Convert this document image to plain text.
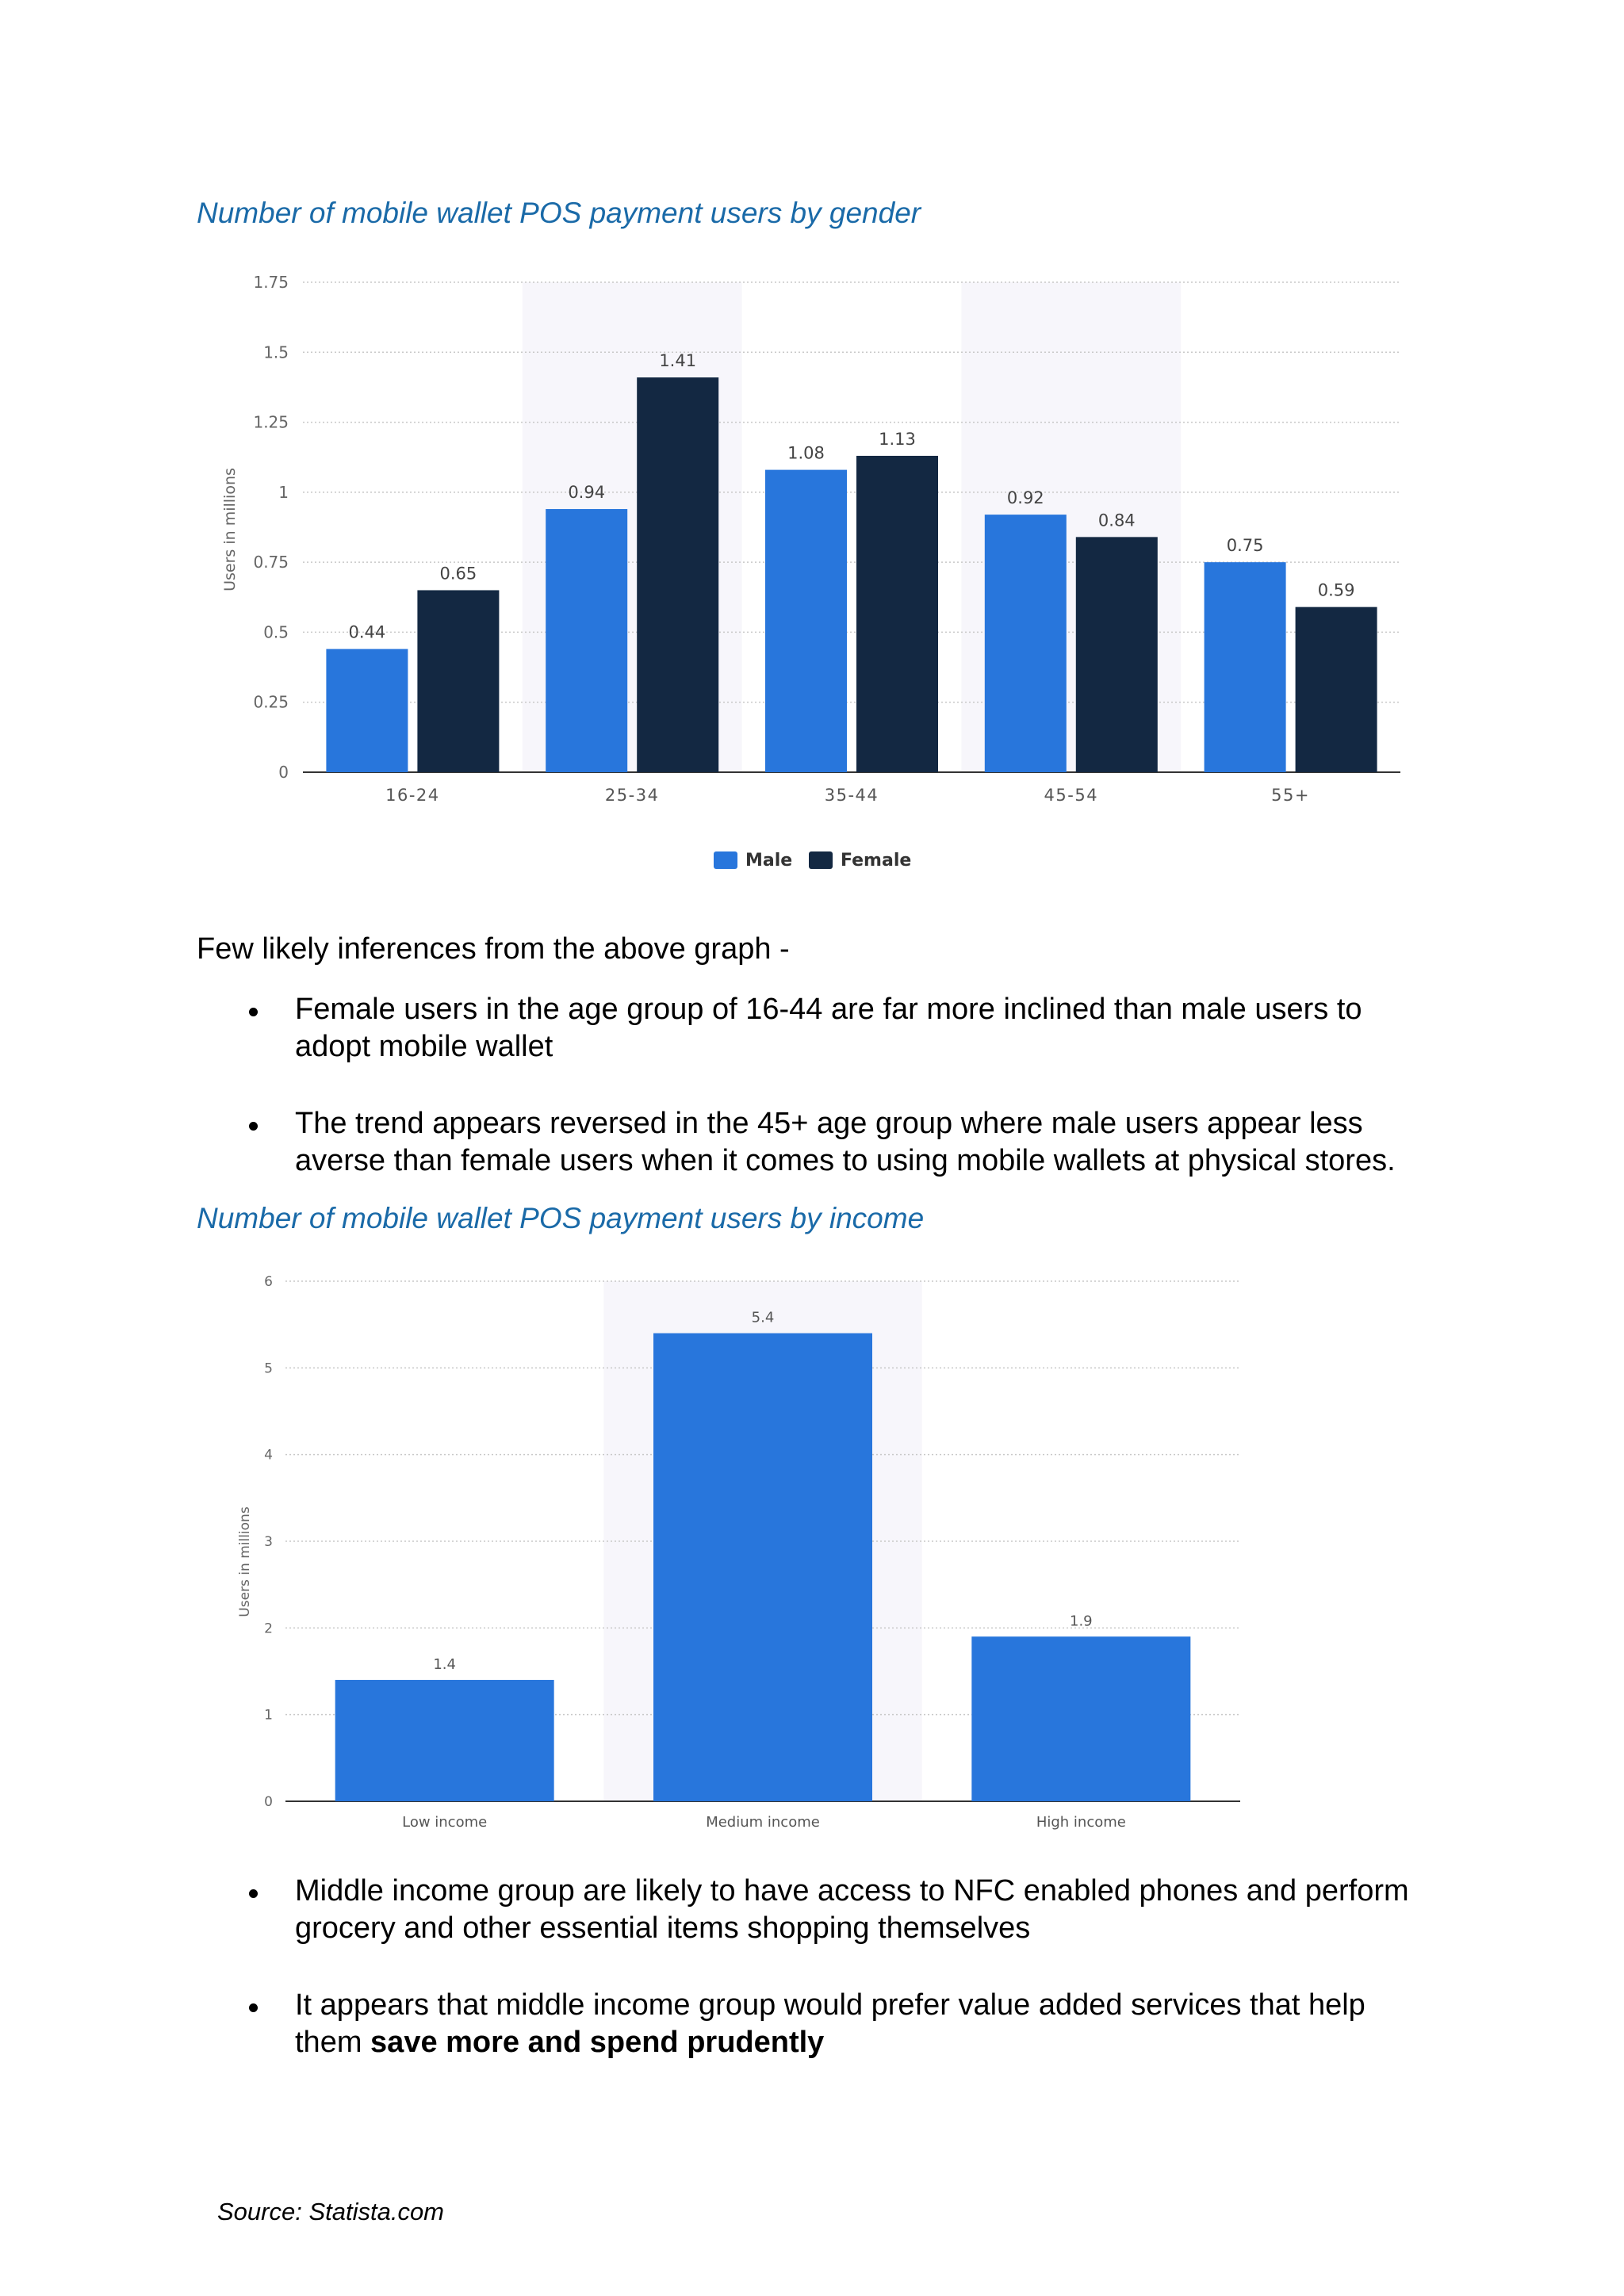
Number of mobile wallet POS payment users by gender
0
0.25
0.5
0.75
1
1.25
1.5
1.75
0.44
0.65
0.94
1.41
1.08
1.13
0.92
0.84
0.75
0.59
16-24	25-34	35-44	45-54	55+
Users in millions
Male	Female

Few likely inferences from the above graph -

Female users in the age group of 16-44 are far more inclined than male users to adopt mobile wallet
The trend appears reversed in the 45+ age group where male users appear less averse than female users when it comes to using mobile wallets at physical stores.
Number of mobile wallet POS payment users by income
0
1
2
3
4
5
6
1.4
5.4
1.9
Low income	Medium income	High income
Users in millions
Middle income group are likely to have access to NFC enabled phones and perform grocery and other essential items shopping themselves
It appears that middle income group would prefer value added services that help them save more and spend prudently

Source: Statista.com
